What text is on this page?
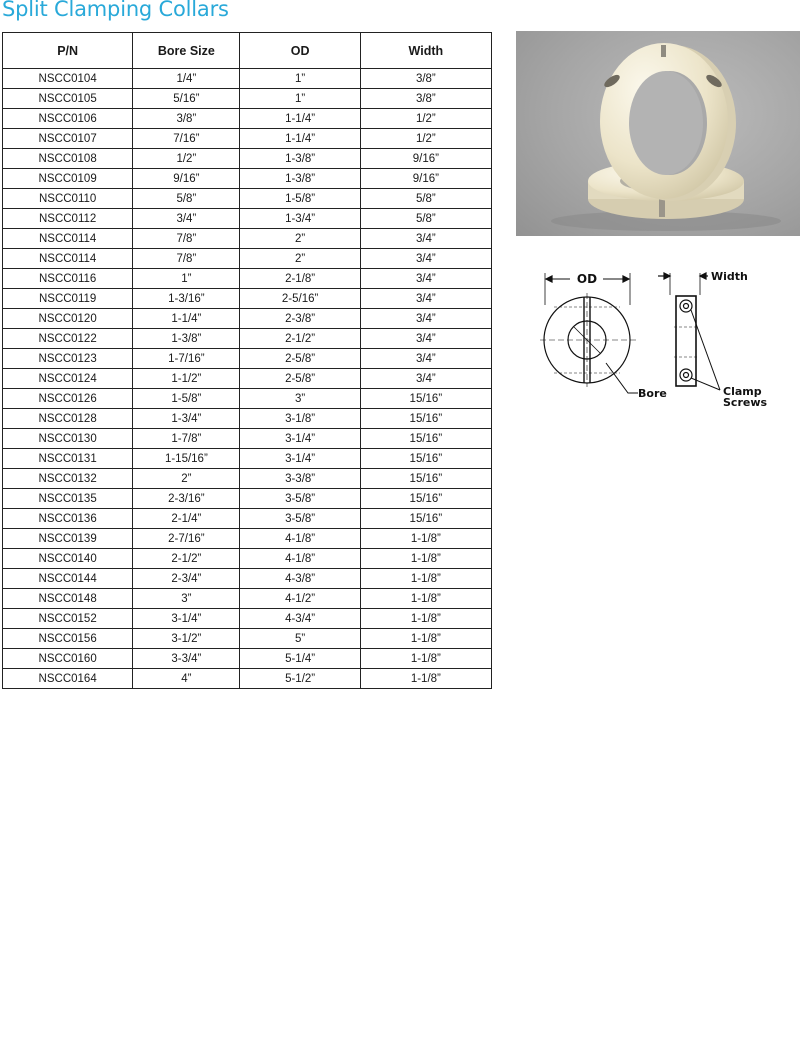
Split Clamping Collars
P/N	Bore Size	OD	Width
NSCC0104	1/4”	1”	3/8”
NSCC0105	5/16”	1”	3/8”
NSCC0106	3/8”	1-1/4”	1/2”
NSCC0107	7/16”	1-1/4”	1/2”
NSCC0108	1/2”	1-3/8”	9/16”
NSCC0109	9/16”	1-3/8”	9/16”
NSCC0110	5/8”	1-5/8”	5/8”
NSCC0112	3/4”	1-3/4”	5/8”
NSCC0114	7/8”	2”	3/4”
NSCC0114	7/8”	2”	3/4”
NSCC0116	1”	2-1/8”	3/4”
NSCC0119	1-3/16”	2-5/16”	3/4”
NSCC0120	1-1/4”	2-3/8”	3/4”
NSCC0122	1-3/8”	2-1/2”	3/4”
NSCC0123	1-7/16”	2-5/8”	3/4”
NSCC0124	1-1/2”	2-5/8”	3/4”
NSCC0126	1-5/8”	3”	15/16”
NSCC0128	1-3/4”	3-1/8”	15/16”
NSCC0130	1-7/8”	3-1/4”	15/16”
NSCC0131	1-15/16”	3-1/4”	15/16”
NSCC0132	2”	3-3/8”	15/16”
NSCC0135	2-3/16”	3-5/8”	15/16”
NSCC0136	2-1/4”	3-5/8”	15/16”
NSCC0139	2-7/16”	4-1/8”	1-1/8”
NSCC0140	2-1/2”	4-1/8”	1-1/8”
NSCC0144	2-3/4”	4-3/8”	1-1/8”
NSCC0148	3”	4-1/2”	1-1/8”
NSCC0152	3-1/4”	4-3/4”	1-1/8”
NSCC0156	3-1/2”	5”	1-1/8”
NSCC0160	3-3/4”	5-1/4”	1-1/8”
NSCC0164	4”	5-1/2”	1-1/8”
OD	Width
Bore	Clamp
Screws
